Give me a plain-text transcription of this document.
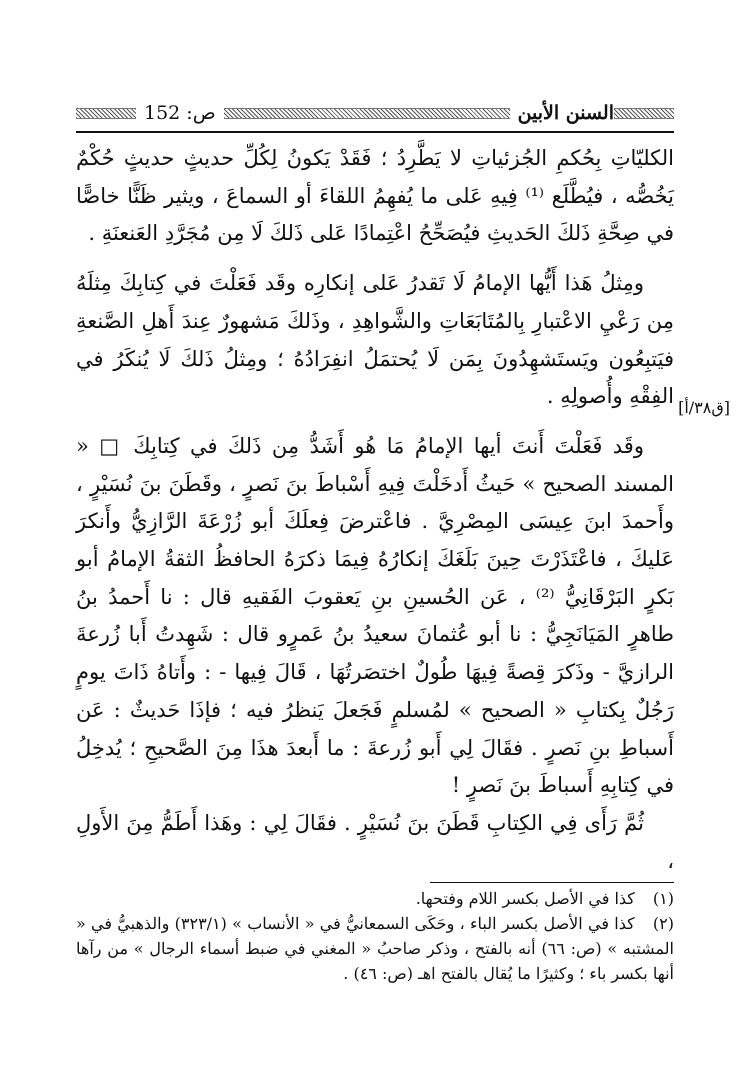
السنن الأبين
ص: 152
[ق٣٨/أ]

الكليّاتِ بِحُكمِ الجُزئياتِ لا يَطَّرِدُ ؛ فَقَدْ يَكونُ لِكُلِّ حديثٍ حديثٍ حُكْمٌ يَخُصُّه ، فيُطَّلَع ⁽¹⁾ فِيهِ عَلى ما يُفهِمُ اللقاءَ أو السماعَ ، ويثير ظَنًّا خاصًّا في صِحَّةِ ذَلكَ الحَديثِ فيُصَحِّحُ اعْتِمادًا عَلى ذَلكَ لَا مِن مُجَرَّدِ العَنعنَةِ .

ومِثلُ هَذا أَيُّها الإمامُ لَا تَقدرُ عَلى إنكارِه وقَد فَعَلْتَ في كِتابِكَ مِثلَهُ مِن رَعْيِ الاعْتبارِ بِالمُتَابَعَاتِ والشَّواهِدِ ، وذَلكَ مَشهورٌ عِندَ أَهلِ الصَّنعةِ فيَتبِعُون ويَستَشهِدُونَ بِمَن لَا يُحتمَلُ انفِرَادُهُ ؛ ومِثلُ ذَلكَ لَا يُنكَرُ في الفِقْهِ وأُصولِهِ .

وقَد فَعَلْتَ أَنتَ أيها الإمامُ مَا هُو أَشَدُّ مِن ذَلكَ في كِتابِكَ □ « المسند الصحيح » حَيثُ أَدخَلْتَ فِيهِ أَسْباطَ بنَ نَصرٍ ، وقَطَنَ بنَ نُسَيْرٍ ، وأَحمدَ ابنَ عِيسَى المِصْرِيَّ . فاعْترضَ فِعلَكَ أبو زُرْعَةَ الرَّازِيُّ وأَنكرَ عَليكَ ، فاعْتَذَرْتَ حِينَ بَلَغَكَ إنكارُهُ فِيمَا ذكرَهُ الحافظُ الثقةُ الإمامُ أبو بَكرٍ البَرْقَانِيُّ ⁽²⁾ ، عَن الحُسينِ بنِ يَعقوبَ الفَقيهِ قال : نا أَحمدُ بنُ طاهرٍ المَيَانَجِيُّ : نا أبو عُثمانَ سعيدُ بنُ عَمرٍو قال : شَهِدتُ أَبا زُرعةَ الرازيَّ - وذَكرَ قِصةً فِيهَا طُولٌ اختصَرتُهَا ، قَالَ فِيها - : وأَتاهُ ذَاتَ يومٍ رَجُلٌ بِكتابِ « الصحيح » لمُسلمٍ فَجَعلَ يَنظرُ فيه ؛ فإذَا حَديثٌ : عَن أَسباطِ بنِ نَصرٍ . فقَالَ لِي أَبو زُرعةَ : ما أَبعدَ هذَا مِنَ الصَّحيحِ ؛ يُدخِلُ في كِتابِهِ أَسباطَ بنَ نَصرٍ !

ثُمَّ رَأَى فِي الكِتابِ قَطَنَ بنَ نُسَيْرٍ . فقَالَ لِي : وهَذا أَطَمُّ مِنَ الأَولِ ،

(١) كذا في الأصل بكسر اللام وفتحها.

(٢) كذا في الأصل بكسر الباء ، وحَكَى السمعانيُّ في « الأنساب » (٣٢٣/١) والذهبيُّ في « المشتبه » (ص: ٦٦) أنه بالفتح ، وذكر صاحبُ « المغني في ضبط أسماء الرجال » من رآها أنها بكسر باء ؛ وكثيرًا ما يُقال بالفتح اهـ (ص: ٤٦) .
